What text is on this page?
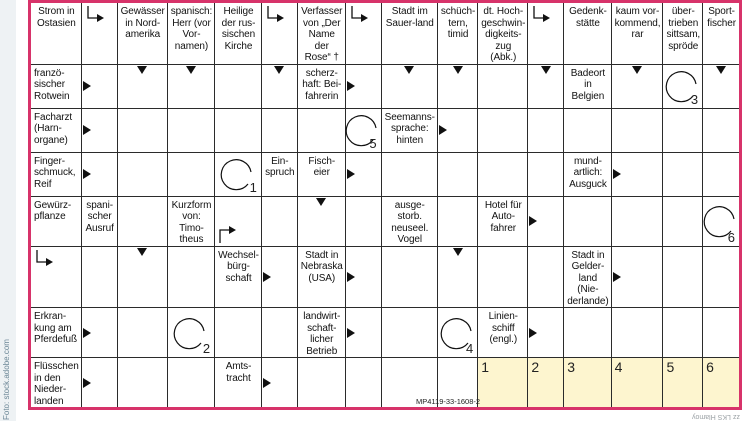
Foto: stock.adobe.com	zz LKS Hlamoy
Strom in Ostasien
Gewässer in Nord-amerika
spanisch: Herr (vor Vor-namen)
Heilige der rus-sischen Kirche
Verfasser von „Der Name der Rose“ †
Stadt im Sauer-land
schüch-tern, timid
dt. Hoch-geschwin-digkeits-zug (Abk.)
Gedenk-stätte
kaum vor-kommend, rar
über-trieben sittsam, spröde
Sport-fischer
franzö-sischer Rotwein
scherz-haft: Bei-fahrerin
Badeort in Belgien	3
Facharzt (Harn-organe)	5
Seemanns-sprache: hinten
Finger-schmuck, Reif	1
Ein-spruch
Fisch-eier
mund-artlich: Ausguck
Gewürz-pflanze
spani-scher Ausruf
Kurzform von: Timo-theus
ausge-storb. neuseel. Vogel
Hotel für Auto-fahrer
6
Wechsel-bürg-schaft
Stadt in Nebraska (USA)
Stadt in Gelder-land (Nie-derlande)
Erkran-kung am Pferdefuß
2
landwirt-schaft-licher Betrieb	4
Linien-schiff (engl.)
Flüsschen in den Nieder-landen
Amts-tracht
1	2 3	4	5 6
MP4119-33-1608-2
